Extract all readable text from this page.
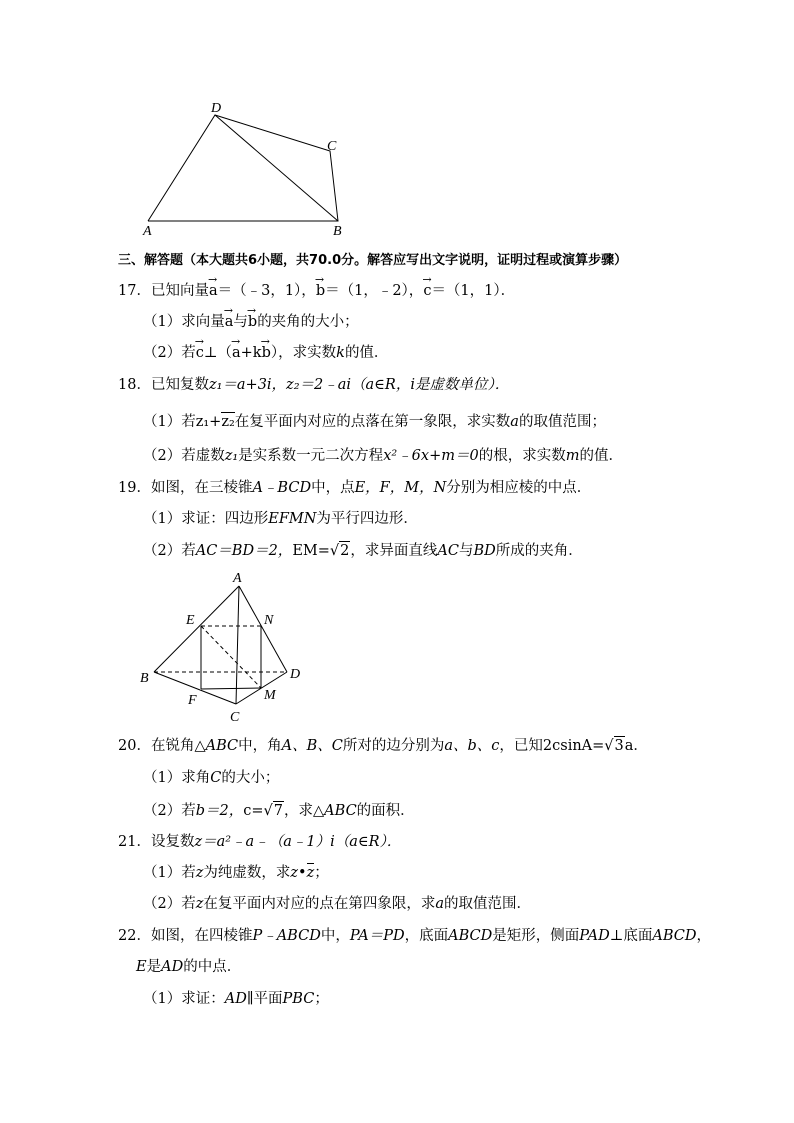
A	B
C
D
三、解答题（本大题共6小题，共70.0分。解答应写出文字说明，证明过程或演算步骤）
17．已知向量a →＝（﹣3，1），b →＝（1，﹣2），c →＝（1，1）．
（1）求向量a →与b →的夹角的大小；
（2）若c →⊥（a →+kb →），求实数k的值．
18．已知复数z₁＝a+3i，z₂＝2﹣ai（a∈R，i是虚数单位）．
（1）若z₁+z₂在复平面内对应的点落在第一象限，求实数a的取值范围；
（2）若虚数z₁是实系数一元二次方程x²﹣6x+m＝0的根，求实数m的值．
19．如图，在三棱锥A﹣BCD中，点E，F，M，N分别为相应棱的中点．
（1）求证：四边形EFMN为平行四边形．
（2）若AC＝BD＝2，EM=√2，求异面直线AC与BD所成的夹角．
A
B
C
D
E
F	M
N
20．在锐角△ABC中，角A、B、C所对的边分别为a、b、c，已知2csinA=√3a．
（1）求角C的大小；
（2）若b＝2，c=√7，求△ABC的面积．
21．设复数z＝a²﹣a﹣（a﹣1）i（a∈R）．
（1）若z为纯虚数，求z•z；
（2）若z在复平面内对应的点在第四象限，求a的取值范围．
22．如图，在四棱锥P﹣ABCD中，PA＝PD，底面ABCD是矩形，侧面PAD⊥底面ABCD，
E是AD的中点．
（1）求证：AD∥平面PBC；
